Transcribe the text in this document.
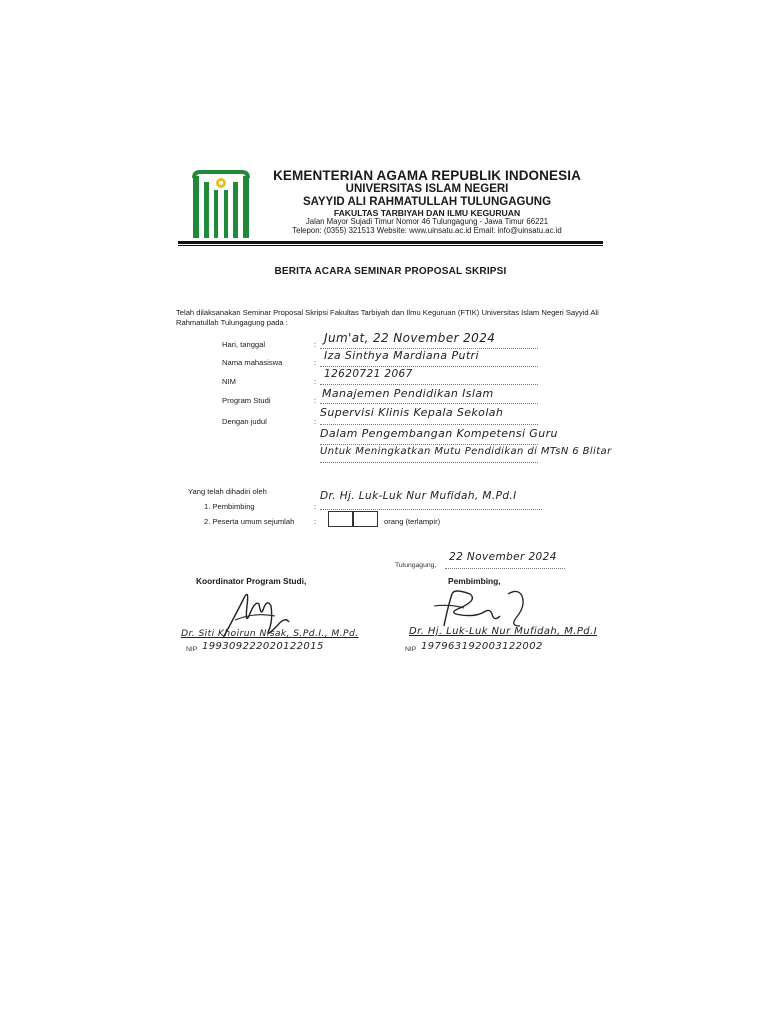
KEMENTERIAN AGAMA REPUBLIK INDONESIA
UNIVERSITAS ISLAM NEGERI
SAYYID ALI RAHMATULLAH TULUNGAGUNG
FAKULTAS TARBIYAH DAN ILMU KEGURUAN
Jalan Mayor Sujadi Timur Nomor 46 Tulungagung - Jawa Timur 66221
Telepon: (0355) 321513 Website: www.uinsatu.ac.id Email: info@uinsatu.ac.id
BERITA ACARA SEMINAR PROPOSAL SKRIPSI
Telah dilaksanakan Seminar Proposal Skripsi Fakultas Tarbiyah dan Ilmu Keguruan (FTIK) Universitas Islam Negeri Sayyid Ali Rahmatullah Tulungagung pada :
Hari, tanggal	: Jum'at, 22 November 2024
Nama mahasiswa	:
Iza Sinthya Mardiana Putri
NIM	:
12620721 2067
Program Studi	:
Manajemen Pendidikan Islam
Dengan judul	:
Supervisi Klinis Kepala Sekolah
Dalam Pengembangan Kompetensi Guru
Untuk Meningkatkan Mutu Pendidikan di MTsN 6 Blitar
Yang telah dihadiri oleh
1. Pembimbing	:
Dr. Hj. Luk-Luk Nur Mufidah, M.Pd.I
2. Peserta umum sejumlah	:	orang (terlampir)
Tulungagung,
22 November 2024
Koordinator Program Studi,	Pembimbing,
Dr. Siti Khoirun Nisak, S.Pd.I., M.Pd.	Dr. Hj. Luk-Luk Nur Mufidah, M.Pd.I
NIP 199309222020122015	NIP 197963192003122002
